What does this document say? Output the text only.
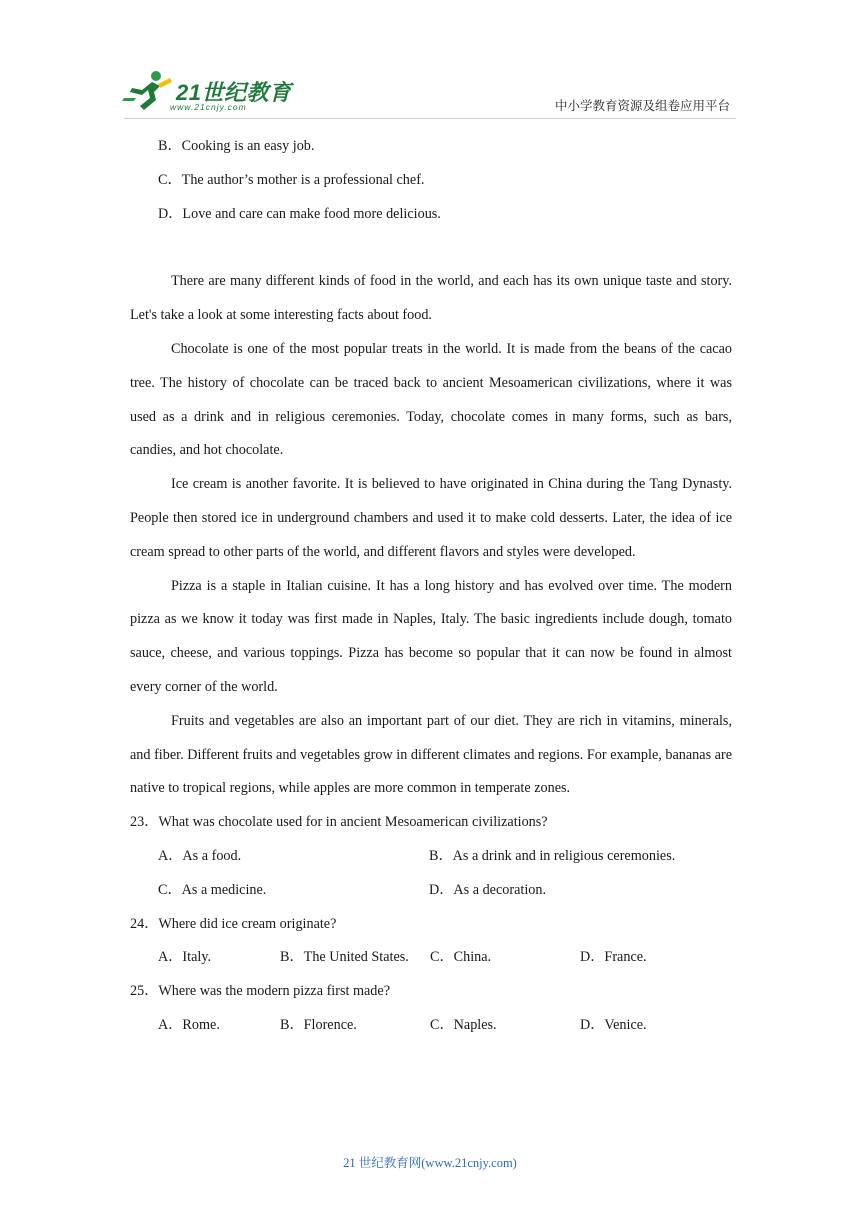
21世纪教育
www.21cnjy.com	中小学教育资源及组卷应用平台

B．Cooking is an easy job.

C．The author’s mother is a professional chef.

D．Love and care can make food more delicious.

There are many different kinds of food in the world, and each has its own unique taste and story. Let's take a look at some interesting facts about food.

Chocolate is one of the most popular treats in the world. It is made from the beans of the cacao tree. The history of chocolate can be traced back to ancient Mesoamerican civilizations, where it was used as a drink and in religious ceremonies. Today, chocolate comes in many forms, such as bars, candies, and hot chocolate.

Ice cream is another favorite. It is believed to have originated in China during the Tang Dynasty. People then stored ice in underground chambers and used it to make cold desserts. Later, the idea of ice cream spread to other parts of the world, and different flavors and styles were developed.

Pizza is a staple in Italian cuisine. It has a long history and has evolved over time. The modern pizza as we know it today was first made in Naples, Italy. The basic ingredients include dough, tomato sauce, cheese, and various toppings. Pizza has become so popular that it can now be found in almost every corner of the world.

Fruits and vegetables are also an important part of our diet. They are rich in vitamins, minerals, and fiber. Different fruits and vegetables grow in different climates and regions. For example, bananas are native to tropical regions, while apples are more common in temperate zones.

23．What was chocolate used for in ancient Mesoamerican civilizations?

A．As a food.	B．As a drink and in religious ceremonies.
C．As a medicine.	D．As a decoration.

24．Where did ice cream originate?

A．Italy.	B．The United States.	C．China.	D．France.

25．Where was the modern pizza first made?

A．Rome.	B．Florence.	C．Naples.	D．Venice.
21 世纪教育网(www.21cnjy.com)
